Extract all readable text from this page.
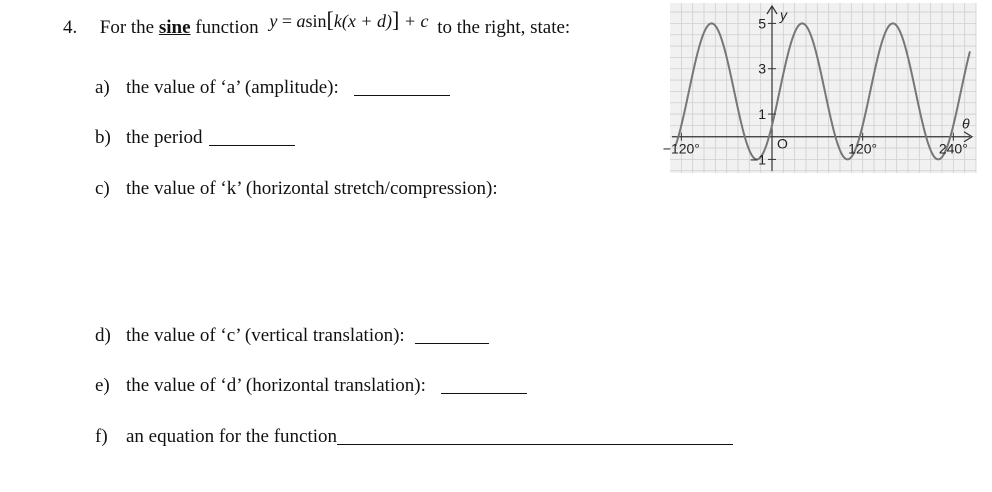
4. For the sine function y = asin[k(x + d)] + c to the right, state:
a) the value of ‘a’ (amplitude):
b) the period
c) the value of ‘k’ (horizontal stretch/compression):
d) the value of ‘c’ (vertical translation):
e) the value of ‘d’ (horizontal translation):
f) an equation for the function
−120°	120°	240°
5
3
1
−1
O
y
θ
